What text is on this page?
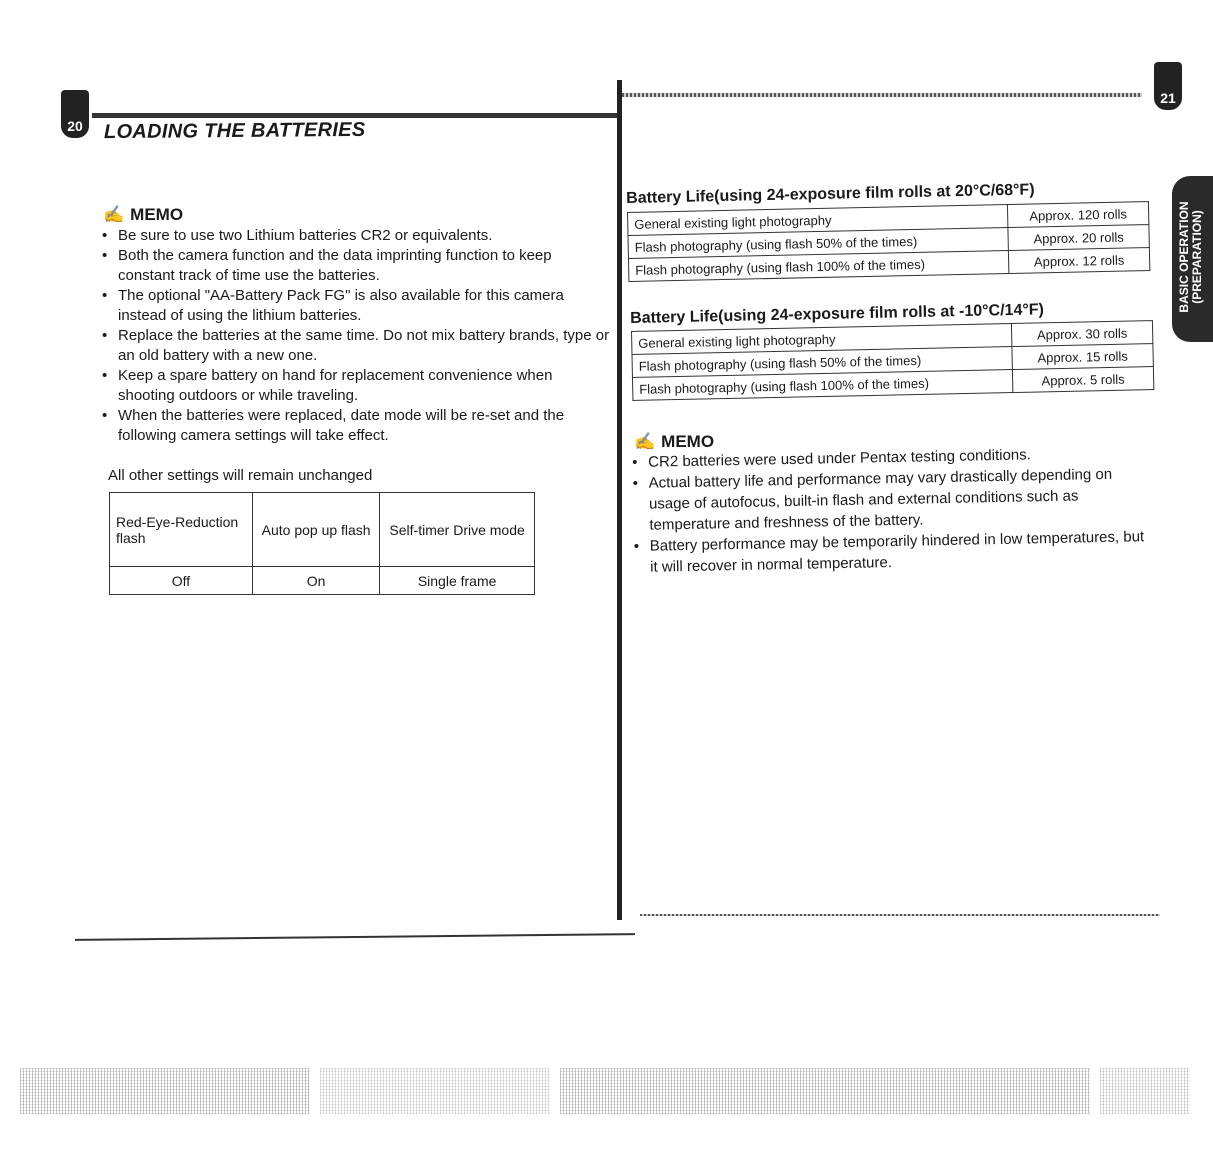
20
21
LOADING THE BATTERIES
✍ MEMO
• Be sure to use two Lithium batteries CR2 or equivalents.
• Both the camera function and the data imprinting function to keep constant track of time use the batteries.
• The optional "AA-Battery Pack FG" is also available for this camera instead of using the lithium batteries.
• Replace the batteries at the same time. Do not mix battery brands, type or an old battery with a new one.
• Keep a spare battery on hand for replacement convenience when shooting outdoors or while traveling.
• When the batteries were replaced, date mode will be re-set and the following camera settings will take effect.
All other settings will remain unchanged
Red-Eye-Reduction flash	Auto pop up flash	Self-timer Drive mode
Off	On	Single frame
Battery Life(using 24-exposure film rolls at 20°C/68°F)
General existing light photography	Approx. 120 rolls
Flash photography (using flash 50% of the times)	Approx. 20 rolls
Flash photography (using flash 100% of the times)	Approx. 12 rolls
Battery Life(using 24-exposure film rolls at -10°C/14°F)
General existing light photography	Approx. 30 rolls
Flash photography (using flash 50% of the times)	Approx. 15 rolls
Flash photography (using flash 100% of the times)	Approx. 5 rolls
✍ MEMO
• CR2 batteries were used under Pentax testing conditions.
• Actual battery life and performance may vary drastically depending on usage of autofocus, built-in flash and external conditions such as temperature and freshness of the battery.
• Battery performance may be temporarily hindered in low temperatures, but it will recover in normal temperature.
BASIC OPERATION (PREPARATION)
